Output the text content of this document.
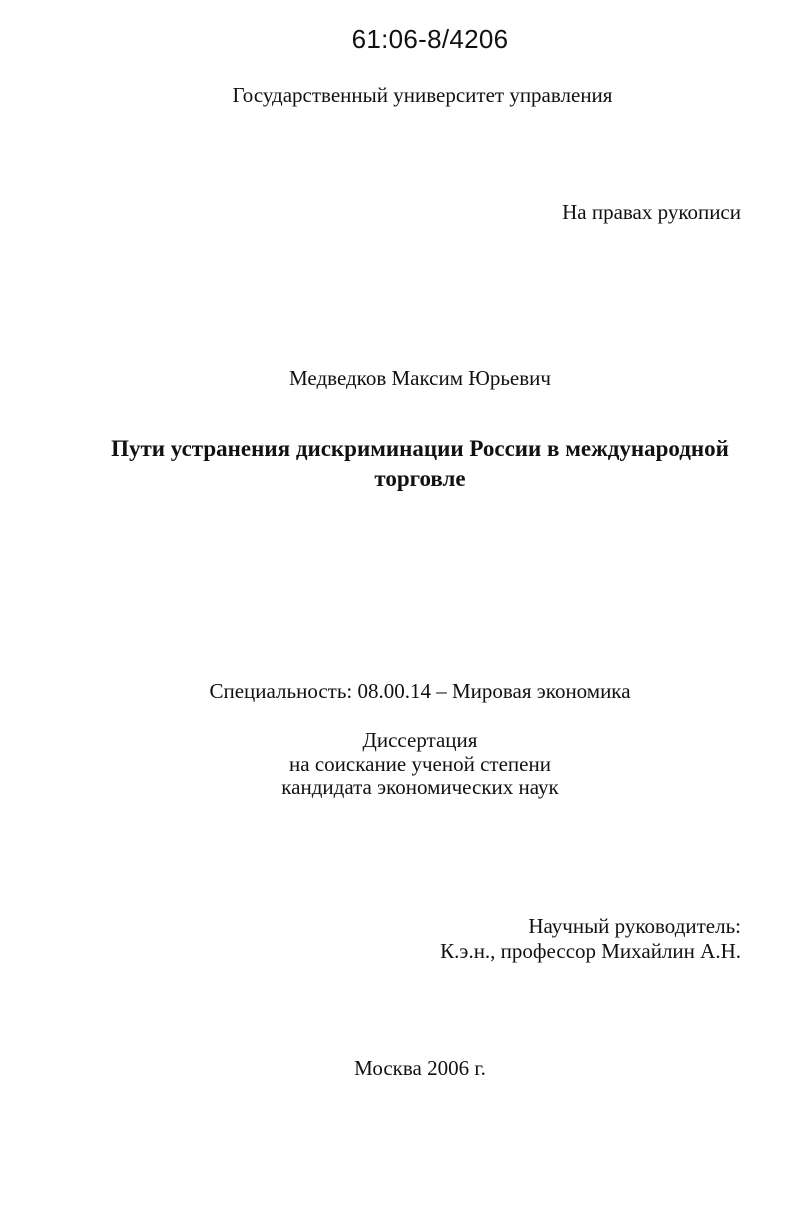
61:06-8/4206
Государственный университет управления
На правах рукописи
Медведков Максим Юрьевич
Пути устранения дискриминации России в международной
торговле
Специальность: 08.00.14 – Мировая экономика
Диссертация
на соискание ученой степени
кандидата экономических наук
Научный руководитель:
К.э.н., профессор Михайлин А.Н.
Москва 2006 г.
